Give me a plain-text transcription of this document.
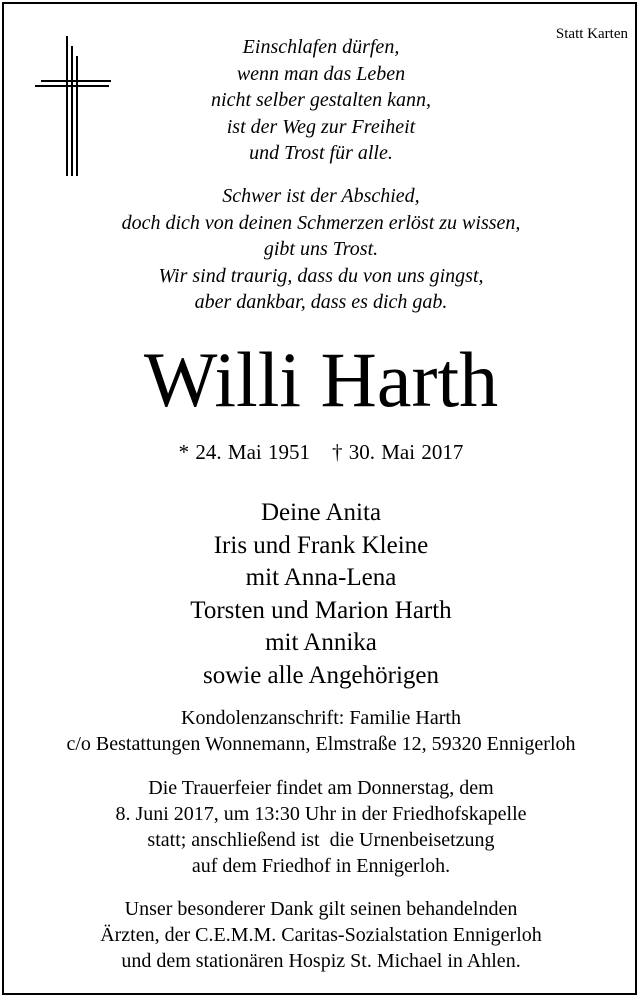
Statt Karten
Einschlafen dürfen,
wenn man das Leben
nicht selber gestalten kann,
ist der Weg zur Freiheit
und Trost für alle.
Schwer ist der Abschied,
doch dich von deinen Schmerzen erlöst zu wissen,
gibt uns Trost.
Wir sind traurig, dass du von uns gingst,
aber dankbar, dass es dich gab.
Willi Harth
* 24. Mai 1951 † 30. Mai 2017
Deine Anita
Iris und Frank Kleine
mit Anna-Lena
Torsten und Marion Harth
mit Annika
sowie alle Angehörigen
Kondolenzanschrift: Familie Harth
c/o Bestattungen Wonnemann, Elmstraße 12, 59320 Ennigerloh
Die Trauerfeier findet am Donnerstag, dem
8. Juni 2017, um 13:30 Uhr in der Friedhofskapelle
statt; anschließend ist  die Urnenbeisetzung
auf dem Friedhof in Ennigerloh.
Unser besonderer Dank gilt seinen behandelnden
Ärzten, der C.E.M.M. Caritas-Sozialstation Ennigerloh
und dem stationären Hospiz St. Michael in Ahlen.
